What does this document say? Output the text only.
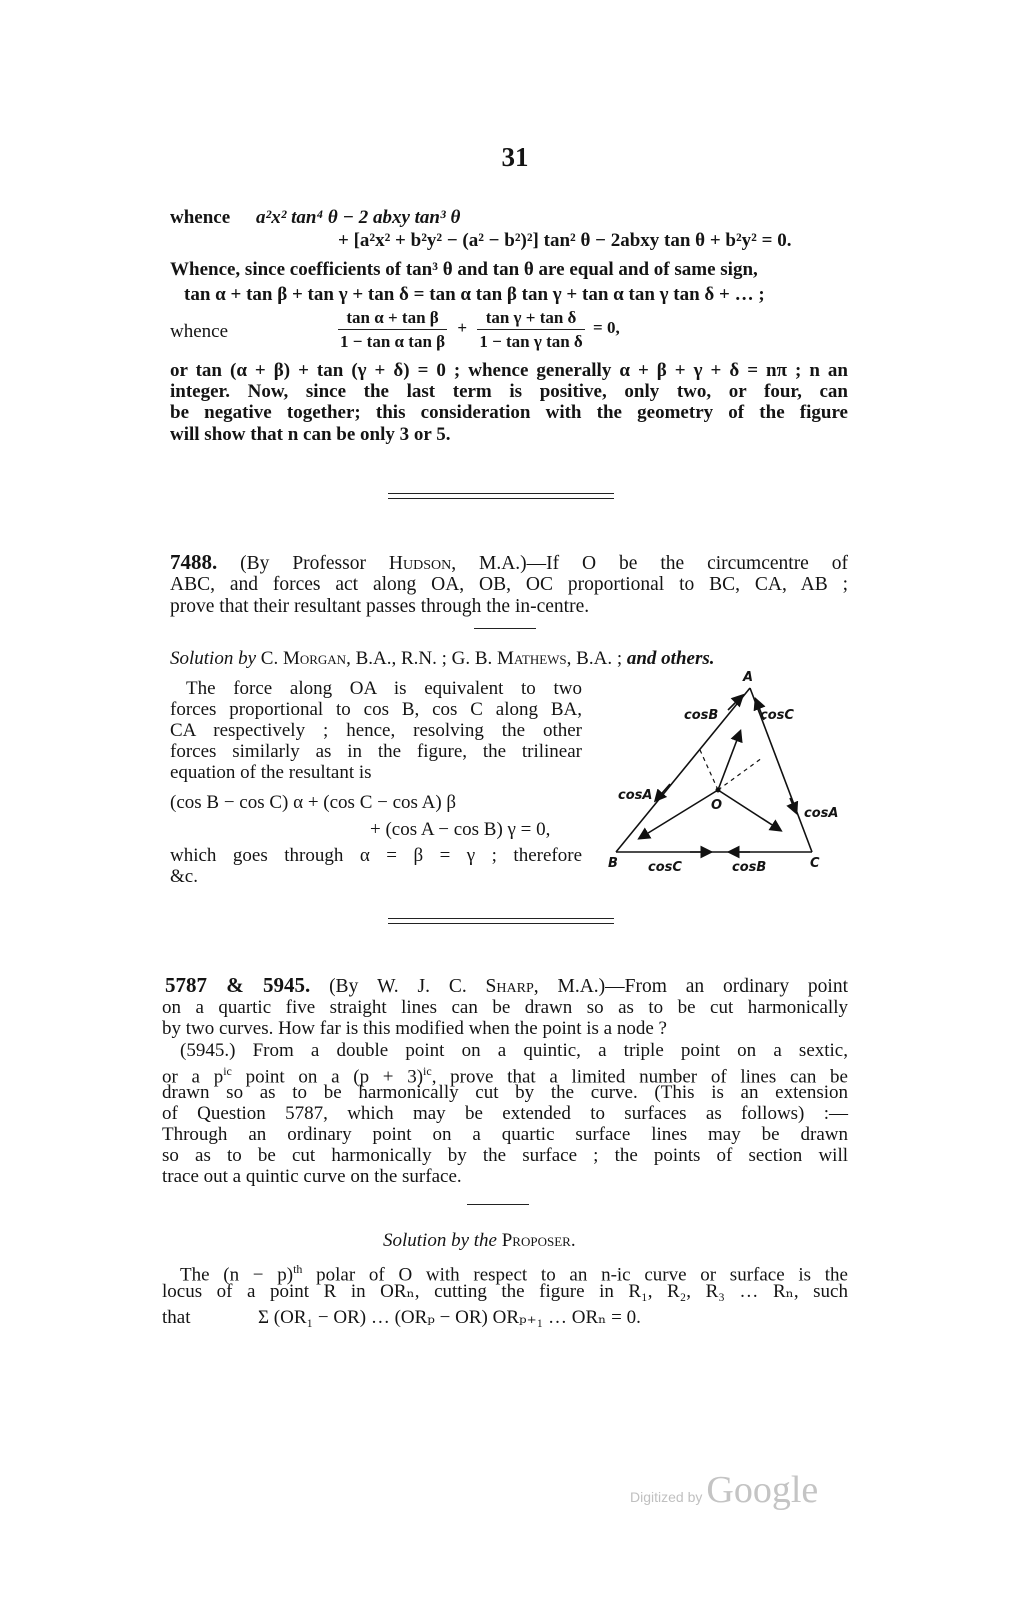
31
whence a²x² tan⁴ θ − 2 abxy tan³ θ
+ [a²x² + b²y² − (a² − b²)²] tan² θ − 2abxy tan θ + b²y² = 0.
Whence, since coefficients of tan³ θ and tan θ are equal and of same sign,
tan α + tan β + tan γ + tan δ = tan α tan β tan γ + tan α tan γ tan δ + … ;
whence	$\frac{\text{tan α + tan β}}{\text{1 − tan α tan β}} + \frac{\text{tan γ + tan δ}}{\text{1 − tan γ tan δ}} = 0$,
or tan (α + β) + tan (γ + δ) = 0 ; whence generally α + β + γ + δ = nπ ; n an
integer. Now, since the last term is positive, only two, or four, can
be negative together; this consideration with the geometry of the figure
will show that n can be only 3 or 5.
7488. (By Professor Hudson, M.A.)—If O be the circumcentre of
ABC, and forces act along OA, OB, OC proportional to BC, CA, AB ;
prove that their resultant passes through the in-centre.
Solution by C. Morgan, B.A., R.N. ; G. B. Mathews, B.A. ; and others.
The force along OA is equivalent to two
forces proportional to cos B, cos C along BA,
CA respectively ; hence, resolving the other
forces similarly as in the figure, the trilinear
equation of the resultant is
(cos B − cos C) α + (cos C − cos A) β
+ (cos A − cos B) γ = 0,
which goes through α = β = γ ; therefore
&c.
A
cosB	cosC
cosA
O
cosA
B cosC	cosB	C
5787 & 5945. (By W. J. C. Sharp, M.A.)—From an ordinary point
on a quartic five straight lines can be drawn so as to be cut harmonically
by two curves. How far is this modified when the point is a node ?
(5945.) From a double point on a quintic, a triple point on a sextic,
or a $p^{ic}$ point on a $(p + 3)^{ic}$, prove that a limited number of lines can be
drawn so as to be harmonically cut by the curve. (This is an extension
of Question 5787, which may be extended to surfaces as follows) :—
Through an ordinary point on a quartic surface lines may be drawn
so as to be cut harmonically by the surface ; the points of section will
trace out a quintic curve on the surface.
Solution by the Proposer.
The $(n - p)^{th}$ polar of O with respect to an n-ic curve or surface is the
locus of a point R in ORₙ, cutting the figure in R₁, R₂, R₃ … Rₙ, such
that	Σ (OR₁ − OR) … (ORₚ − OR) ORₚ₊₁ … ORₙ = 0.
Digitized by Google
